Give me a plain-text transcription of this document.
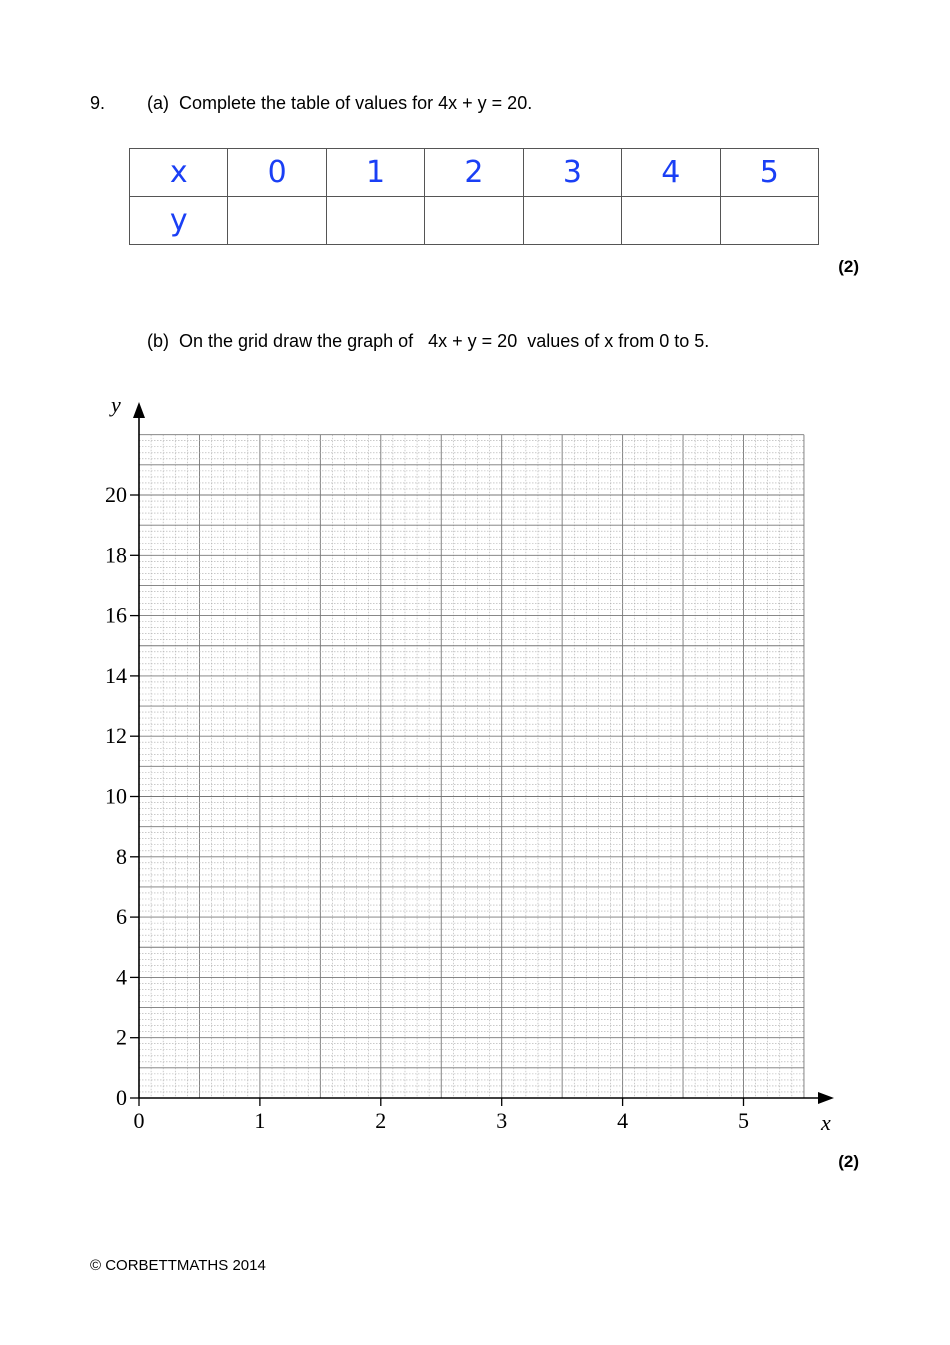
9. (a)  Complete the table of values for 4x + y = 20.
x	0	1	2	3	4	5
y						
(2)
(b)  On the grid draw the graph of   4x + y = 20  values of x from 0 to 5.
0
2
4
6
8
10
12
14
16
18
20
0	1	2	3	4	5
y
x
(2)
© CORBETTMATHS 2014
